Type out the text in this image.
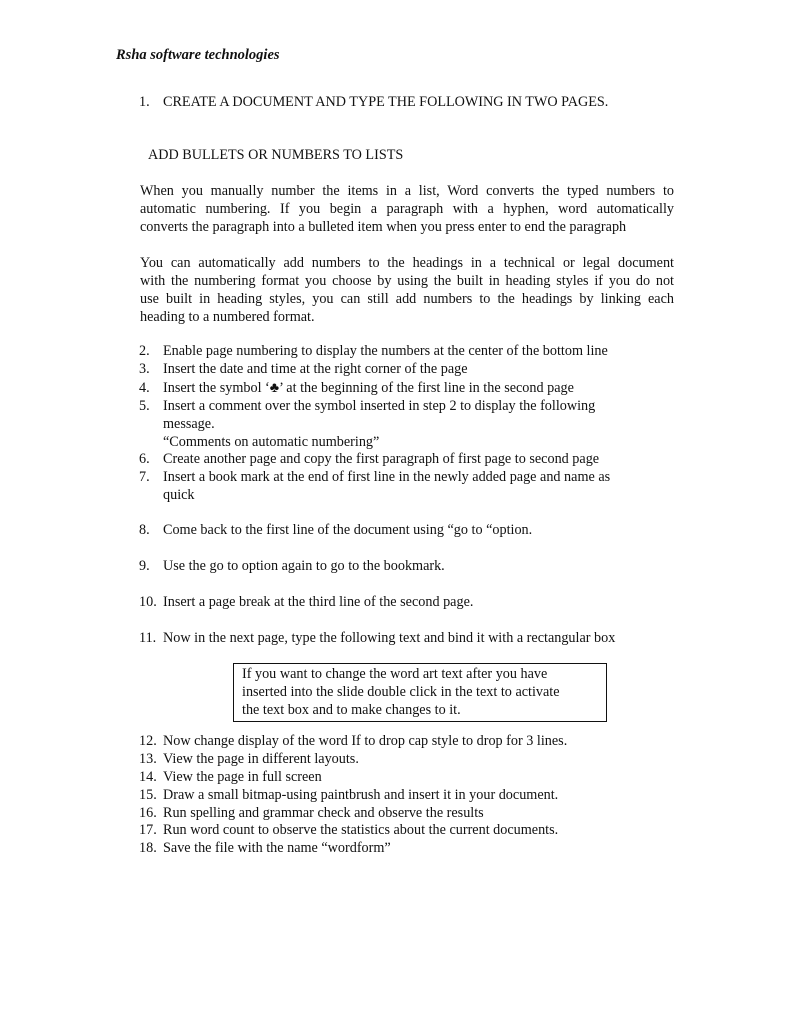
Rsha software technologies
1. CREATE A DOCUMENT AND TYPE THE FOLLOWING IN TWO PAGES.
ADD BULLETS OR NUMBERS TO LISTS
When you manually number the items in a list, Word converts the typed numbers to
automatic numbering. If you begin a paragraph with a hyphen, word automatically
converts the paragraph into a bulleted item when you press enter to end the paragraph
You can automatically add numbers to the headings in a technical or legal document
with the numbering format you choose by using the built in heading styles if you do not
use built in heading styles, you can still add numbers to the headings by linking each
heading to a numbered format.
2. Enable page numbering to display the numbers at the center of the bottom line
3. Insert the date and time at the right corner of the page
4. Insert the symbol ‘♣’ at the beginning of the first line in the second page
5. Insert a comment over the symbol inserted in step 2 to display the following
message.
“Comments on automatic numbering”
6. Create another page and copy the first paragraph of first page to second page
7. Insert a book mark at the end of first line in the newly added page and name as
quick
8. Come back to the first line of the document using “go to “option.
9. Use the go to option again to go to the bookmark.
10. Insert a page break at the third line of the second page.
11. Now in the next page, type the following text and bind it with a rectangular box
If you want to change the word art text after you have
inserted into the slide double click in the text to activate
the text box and to make changes to it.
12. Now change display of the word If to drop cap style to drop for 3 lines.
13. View the page in different layouts.
14. View the page in full screen
15. Draw a small bitmap-using paintbrush and insert it in your document.
16. Run spelling and grammar check and observe the results
17. Run word count to observe the statistics about the current documents.
18. Save the file with the name “wordform”
